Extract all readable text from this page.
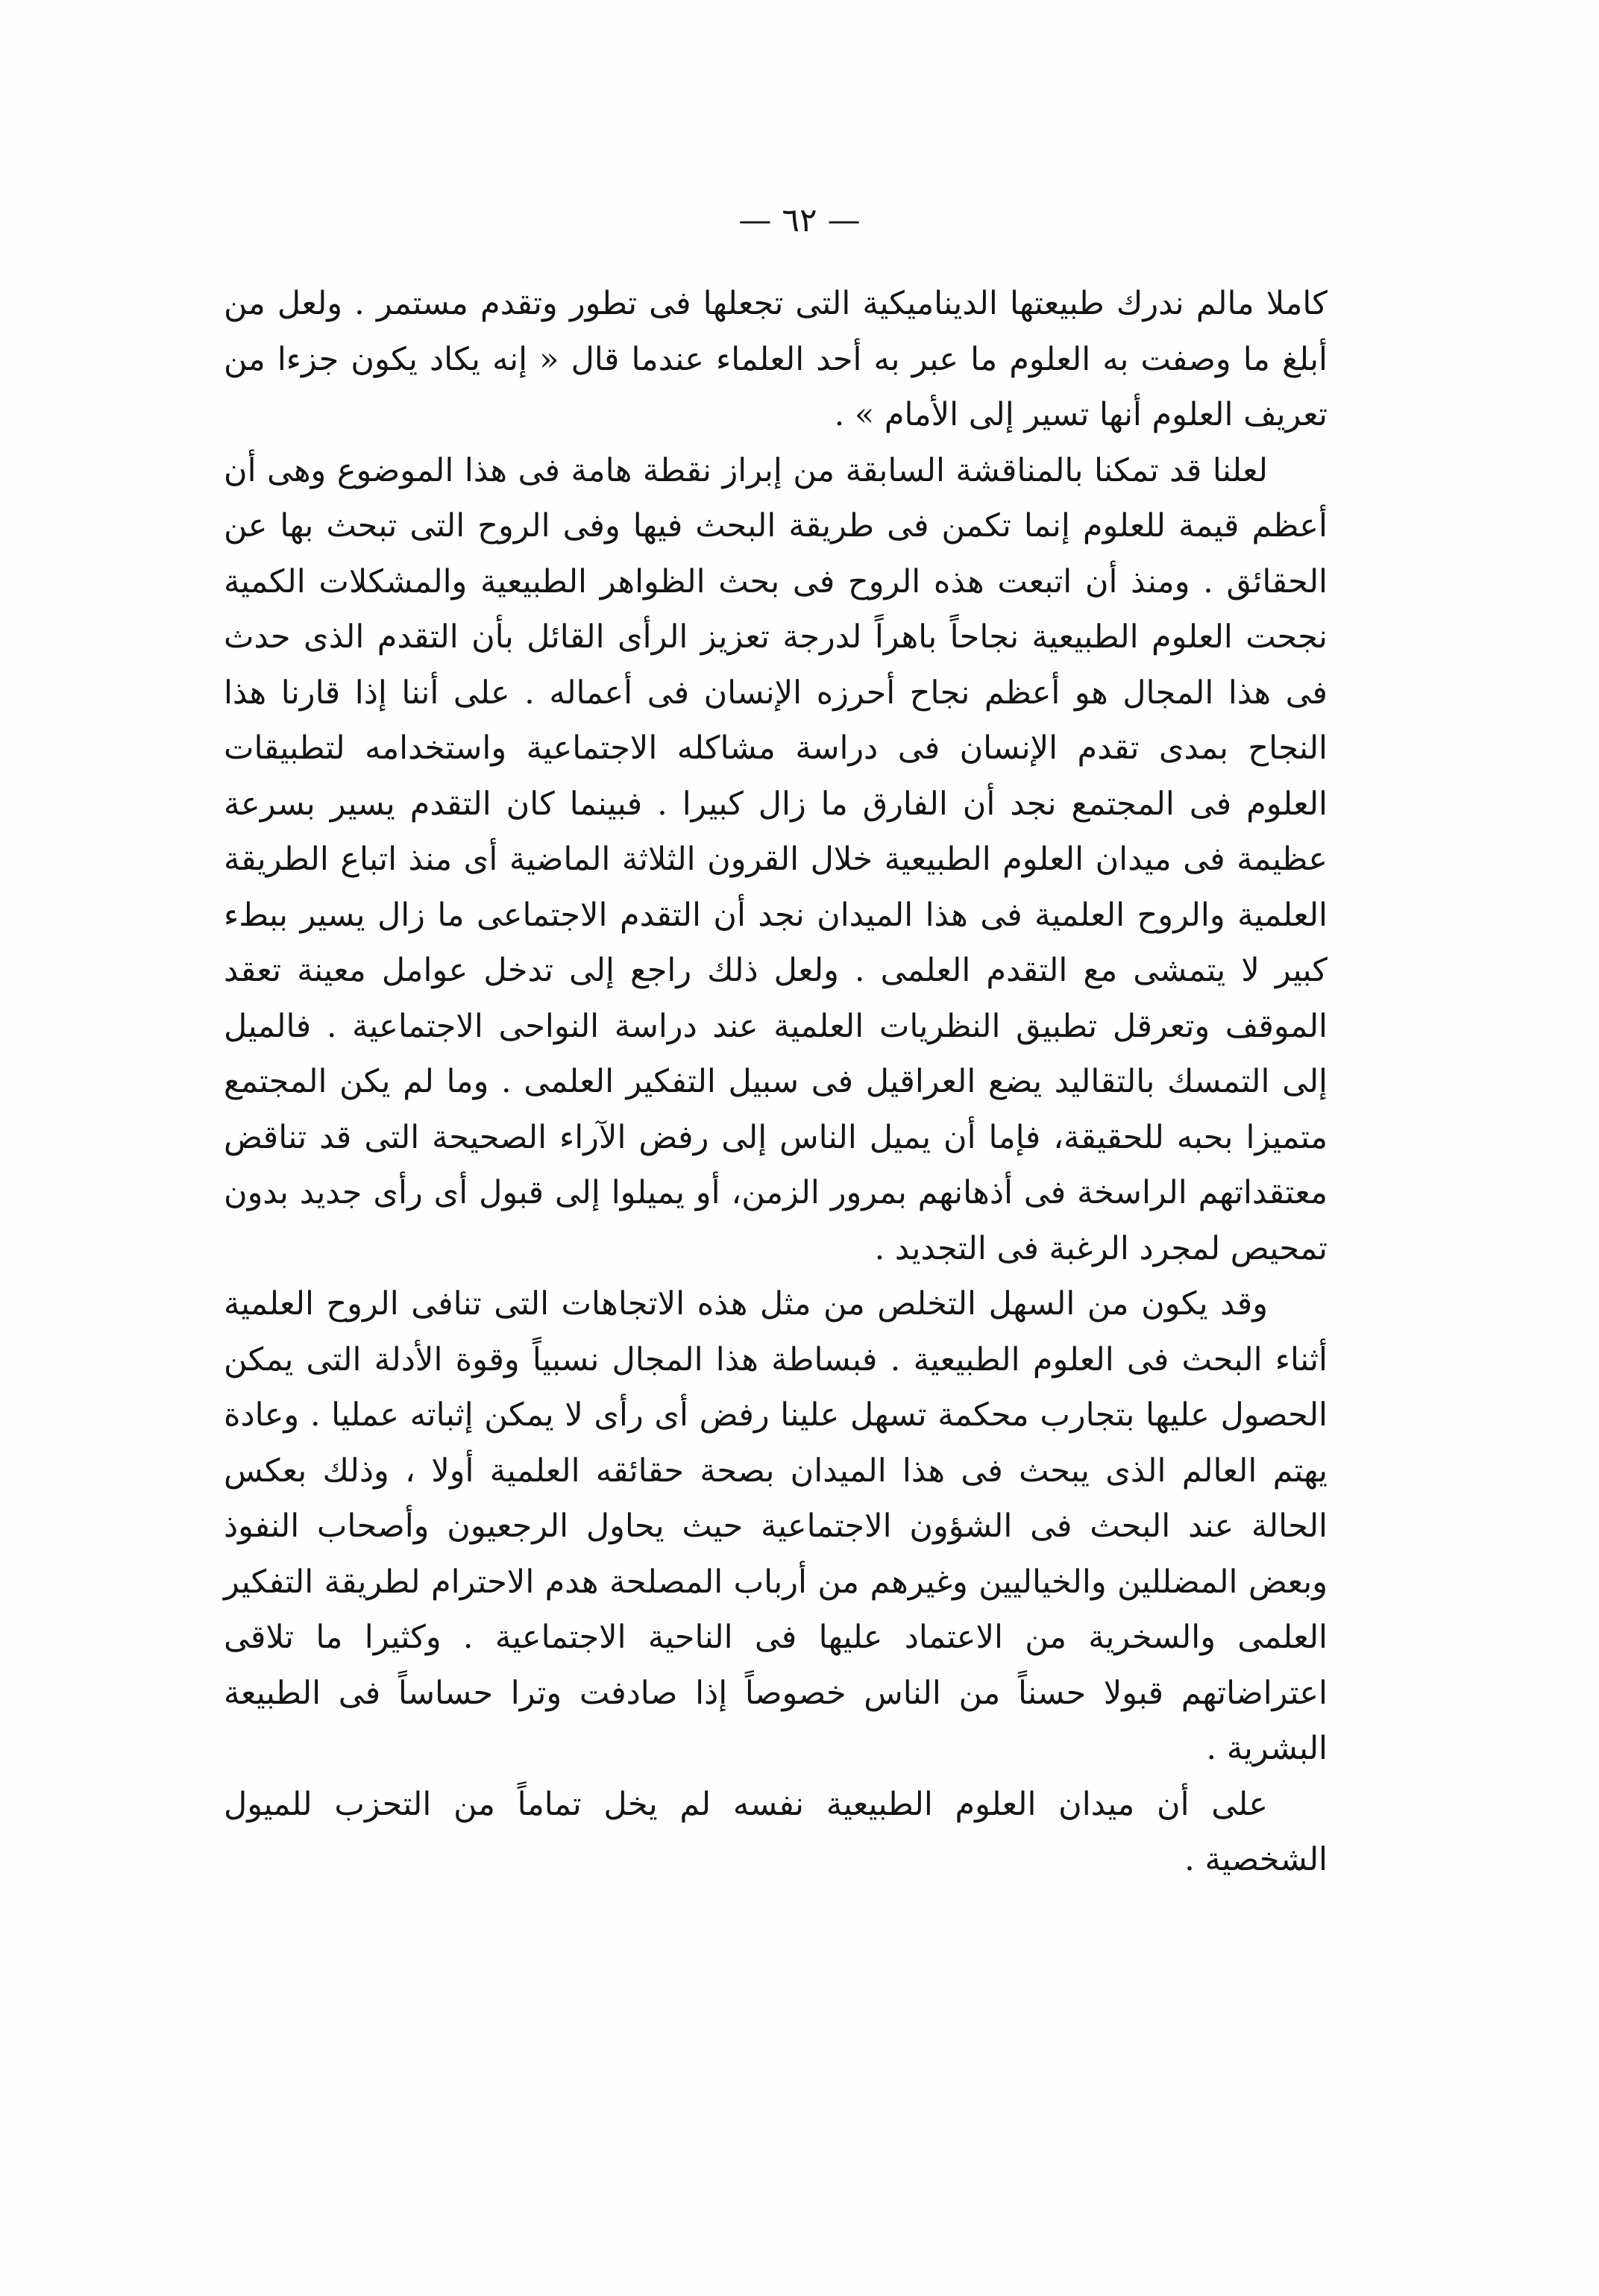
— ٦٢ —

كاملا مالم ندرك طبيعتها الديناميكية التى تجعلها فى تطور وتقدم مستمر . ولعل من أبلغ ما وصفت به العلوم ما عبر به أحد العلماء عندما قال « إنه يكاد يكون جزءا من تعريف العلوم أنها تسير إلى الأمام » .

لعلنا قد تمكنا بالمناقشة السابقة من إبراز نقطة هامة فى هذا الموضوع وهى أن أعظم قيمة للعلوم إنما تكمن فى طريقة البحث فيها وفى الروح التى تبحث بها عن الحقائق . ومنذ أن اتبعت هذه الروح فى بحث الظواهر الطبيعية والمشكلات الكمية نجحت العلوم الطبيعية نجاحاً باهراً لدرجة تعزيز الرأى القائل بأن التقدم الذى حدث فى هذا المجال هو أعظم نجاح أحرزه الإنسان فى أعماله . على أننا إذا قارنا هذا النجاح بمدى تقدم الإنسان فى دراسة مشاكله الاجتماعية واستخدامه لتطبيقات العلوم فى المجتمع نجد أن الفارق ما زال كبيرا . فبينما كان التقدم يسير بسرعة عظيمة فى ميدان العلوم الطبيعية خلال القرون الثلاثة الماضية أى منذ اتباع الطريقة العلمية والروح العلمية فى هذا الميدان نجد أن التقدم الاجتماعى ما زال يسير ببطء كبير لا يتمشى مع التقدم العلمى . ولعل ذلك راجع إلى تدخل عوامل معينة تعقد الموقف وتعرقل تطبيق النظريات العلمية عند دراسة النواحى الاجتماعية . فالميل إلى التمسك بالتقاليد يضع العراقيل فى سبيل التفكير العلمى . وما لم يكن المجتمع متميزا بحبه للحقيقة، فإما أن يميل الناس إلى رفض الآراء الصحيحة التى قد تناقض معتقداتهم الراسخة فى أذهانهم بمرور الزمن، أو يميلوا إلى قبول أى رأى جديد بدون تمحيص لمجرد الرغبة فى التجديد .

وقد يكون من السهل التخلص من مثل هذه الاتجاهات التى تنافى الروح العلمية أثناء البحث فى العلوم الطبيعية . فبساطة هذا المجال نسبياً وقوة الأدلة التى يمكن الحصول عليها بتجارب محكمة تسهل علينا رفض أى رأى لا يمكن إثباته عمليا . وعادة يهتم العالم الذى يبحث فى هذا الميدان بصحة حقائقه العلمية أولا ، وذلك بعكس الحالة عند البحث فى الشؤون الاجتماعية حيث يحاول الرجعيون وأصحاب النفوذ وبعض المضللين والخياليين وغيرهم من أرباب المصلحة هدم الاحترام لطريقة التفكير العلمى والسخرية من الاعتماد عليها فى الناحية الاجتماعية . وكثيرا ما تلاقى اعتراضاتهم قبولا حسناً من الناس خصوصاً إذا صادفت وترا حساساً فى الطبيعة البشرية .

على أن ميدان العلوم الطبيعية نفسه لم يخل تماماً من التحزب للميول الشخصية .
